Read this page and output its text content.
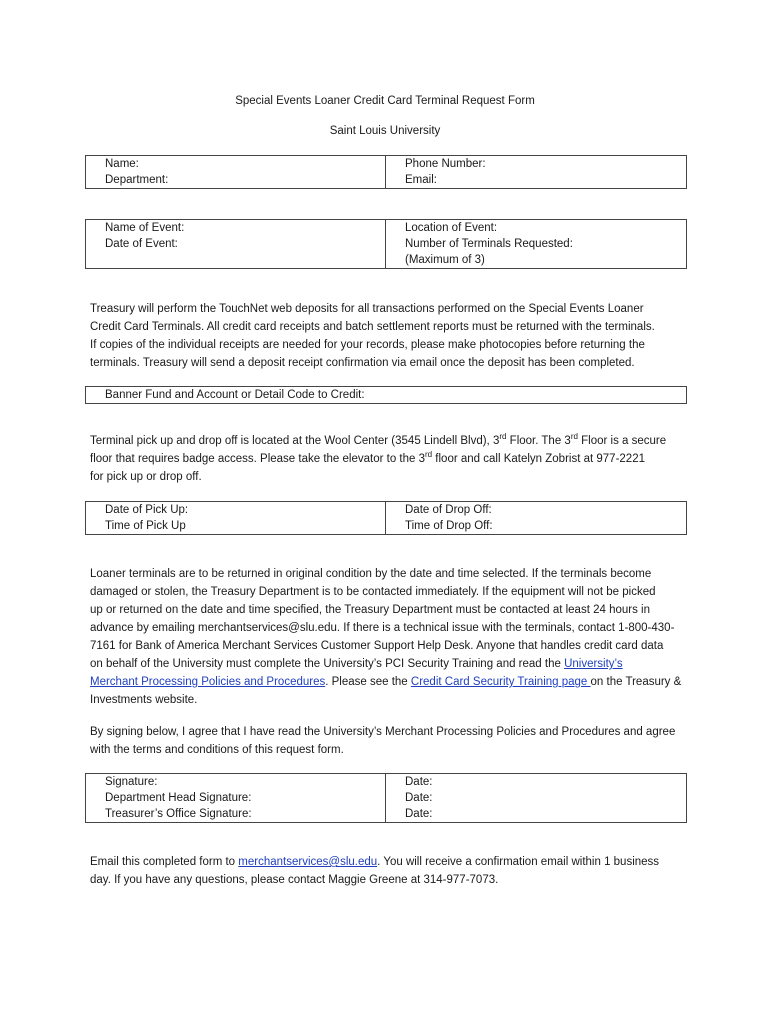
Special Events Loaner Credit Card Terminal Request Form
Saint Louis University
Name:	Phone Number:
Department:	Email:
Name of Event:	Location of Event:
Date of Event:	Number of Terminals Requested:
	(Maximum of 3)
Treasury will perform the TouchNet web deposits for all transactions performed on the Special Events Loaner
Credit Card Terminals. All credit card receipts and batch settlement reports must be returned with the terminals.
If copies of the individual receipts are needed for your records, please make photocopies before returning the
terminals. Treasury will send a deposit receipt confirmation via email once the deposit has been completed.
Banner Fund and Account or Detail Code to Credit:
Terminal pick up and drop off is located at the Wool Center (3545 Lindell Blvd), 3rd Floor. The 3rd Floor is a secure
floor that requires badge access. Please take the elevator to the 3rd floor and call Katelyn Zobrist at 977-2221
for pick up or drop off.
Date of Pick Up:	Date of Drop Off:
Time of Pick Up	Time of Drop Off:
Loaner terminals are to be returned in original condition by the date and time selected. If the terminals become
damaged or stolen, the Treasury Department is to be contacted immediately. If the equipment will not be picked
up or returned on the date and time specified, the Treasury Department must be contacted at least 24 hours in
advance by emailing merchantservices@slu.edu. If there is a technical issue with the terminals, contact 1-800-430-
7161 for Bank of America Merchant Services Customer Support Help Desk. Anyone that handles credit card data
on behalf of the University must complete the University’s PCI Security Training and read the University’s
Merchant Processing Policies and Procedures. Please see the Credit Card Security Training page on the Treasury &
Investments website.
By signing below, I agree that I have read the University’s Merchant Processing Policies and Procedures and agree
with the terms and conditions of this request form.
Signature:	Date:
Department Head Signature:	Date:
Treasurer’s Office Signature:	Date:
Email this completed form to merchantservices@slu.edu. You will receive a confirmation email within 1 business
day. If you have any questions, please contact Maggie Greene at 314-977-7073.
